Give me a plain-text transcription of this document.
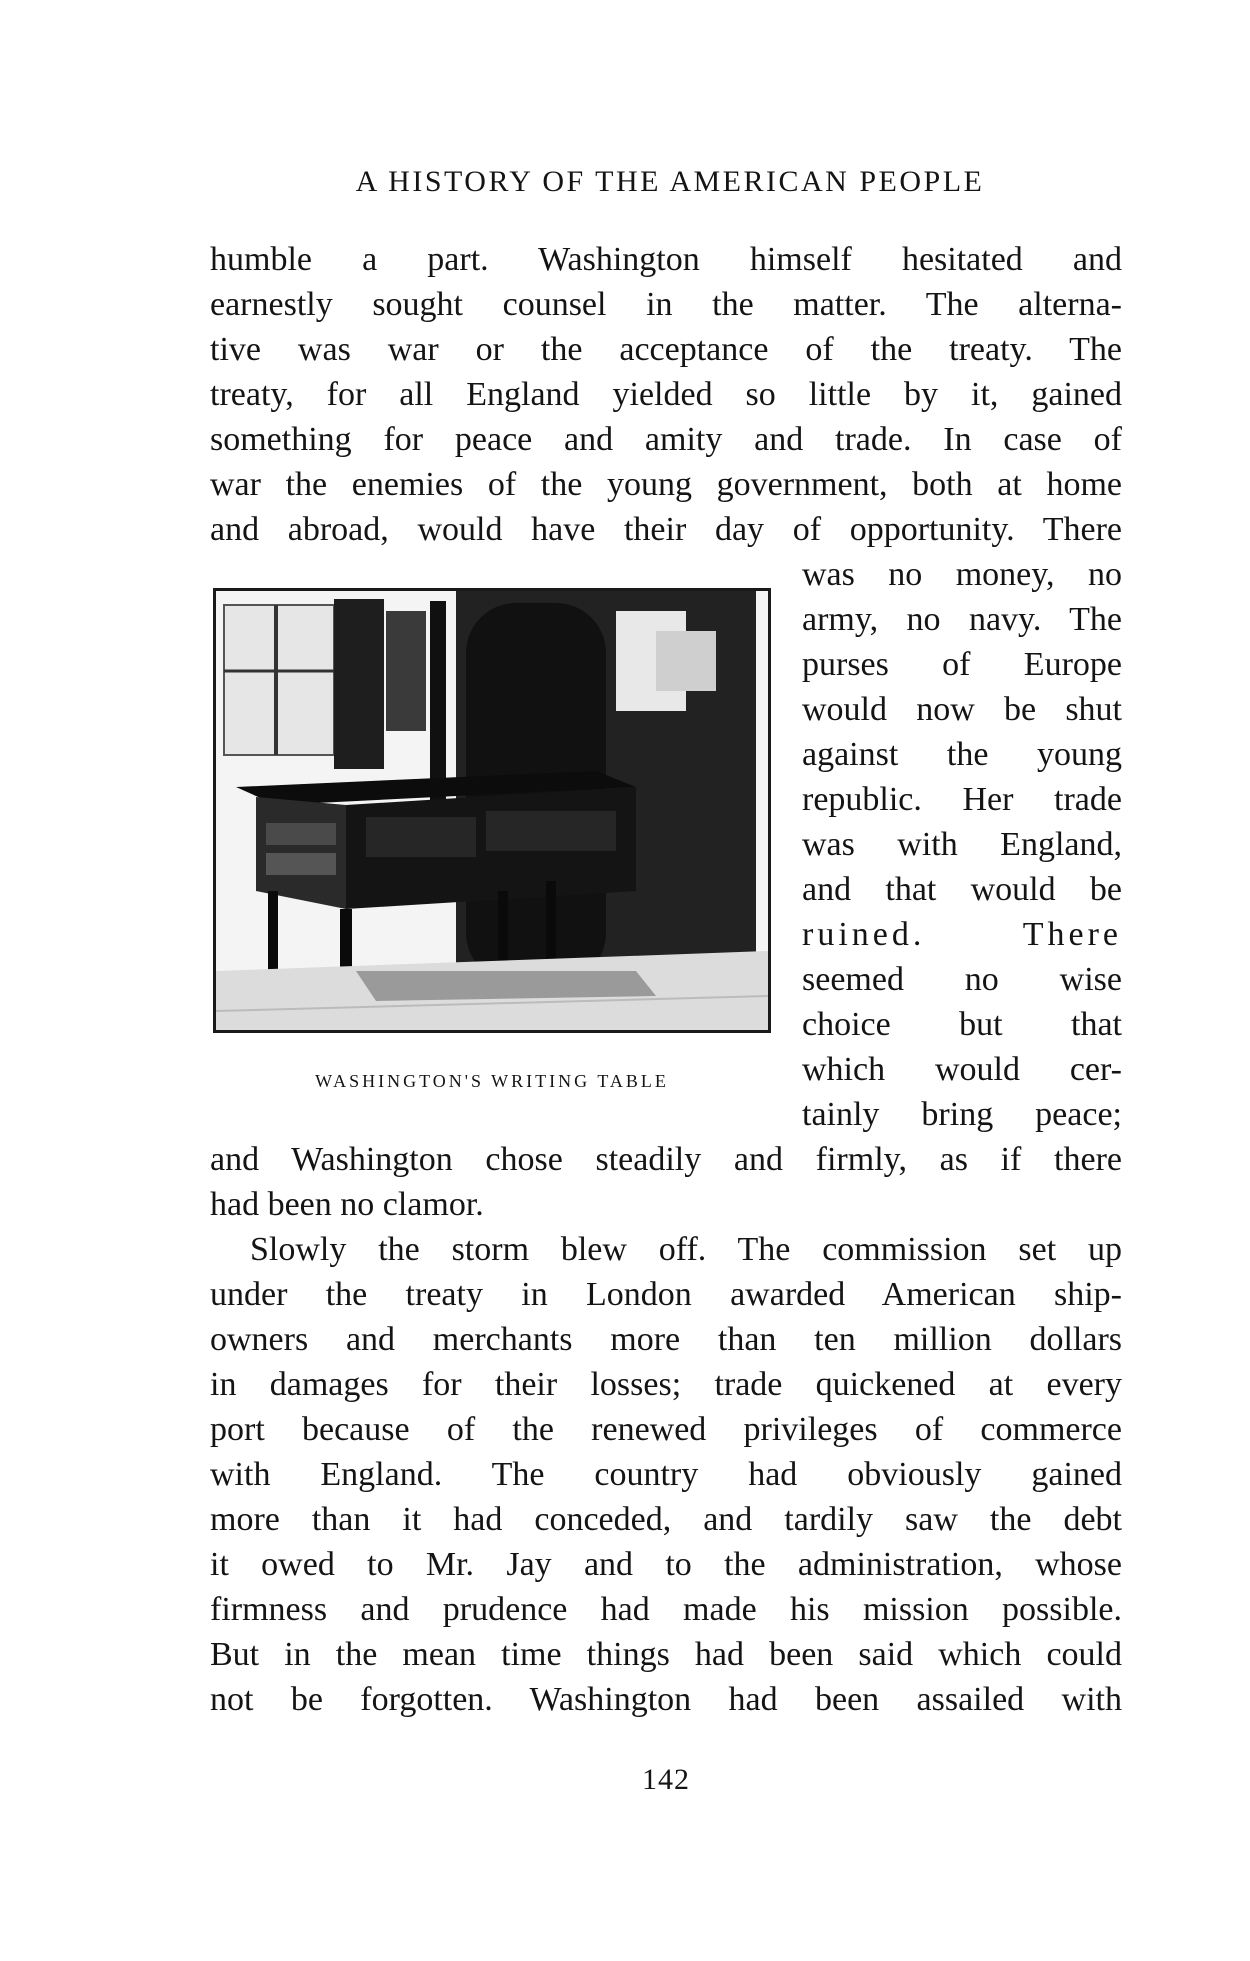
A HISTORY OF THE AMERICAN PEOPLE
humble a part. Washington himself hesitated and
earnestly sought counsel in the matter. The alterna-
tive was war or the acceptance of the treaty. The
treaty, for all England yielded so little by it, gained
something for peace and amity and trade. In case of
war the enemies of the young government, both at home
and abroad, would have their day of opportunity. There
was no money, no
army, no navy. The
purses of Europe
would now be shut
against the young
republic. Her trade
was with England,
and that would be
ruined. There
seemed no wise
choice but that
which would cer-
tainly bring peace;
and Washington chose steadily and firmly, as if there
had been no clamor.
Slowly the storm blew off. The commission set up
under the treaty in London awarded American ship-
owners and merchants more than ten million dollars
in damages for their losses; trade quickened at every
port because of the renewed privileges of commerce
with England. The country had obviously gained
more than it had conceded, and tardily saw the debt
it owed to Mr. Jay and to the administration, whose
firmness and prudence had made his mission possible.
But in the mean time things had been said which could
not be forgotten. Washington had been assailed with
WASHINGTON'S WRITING TABLE
142
